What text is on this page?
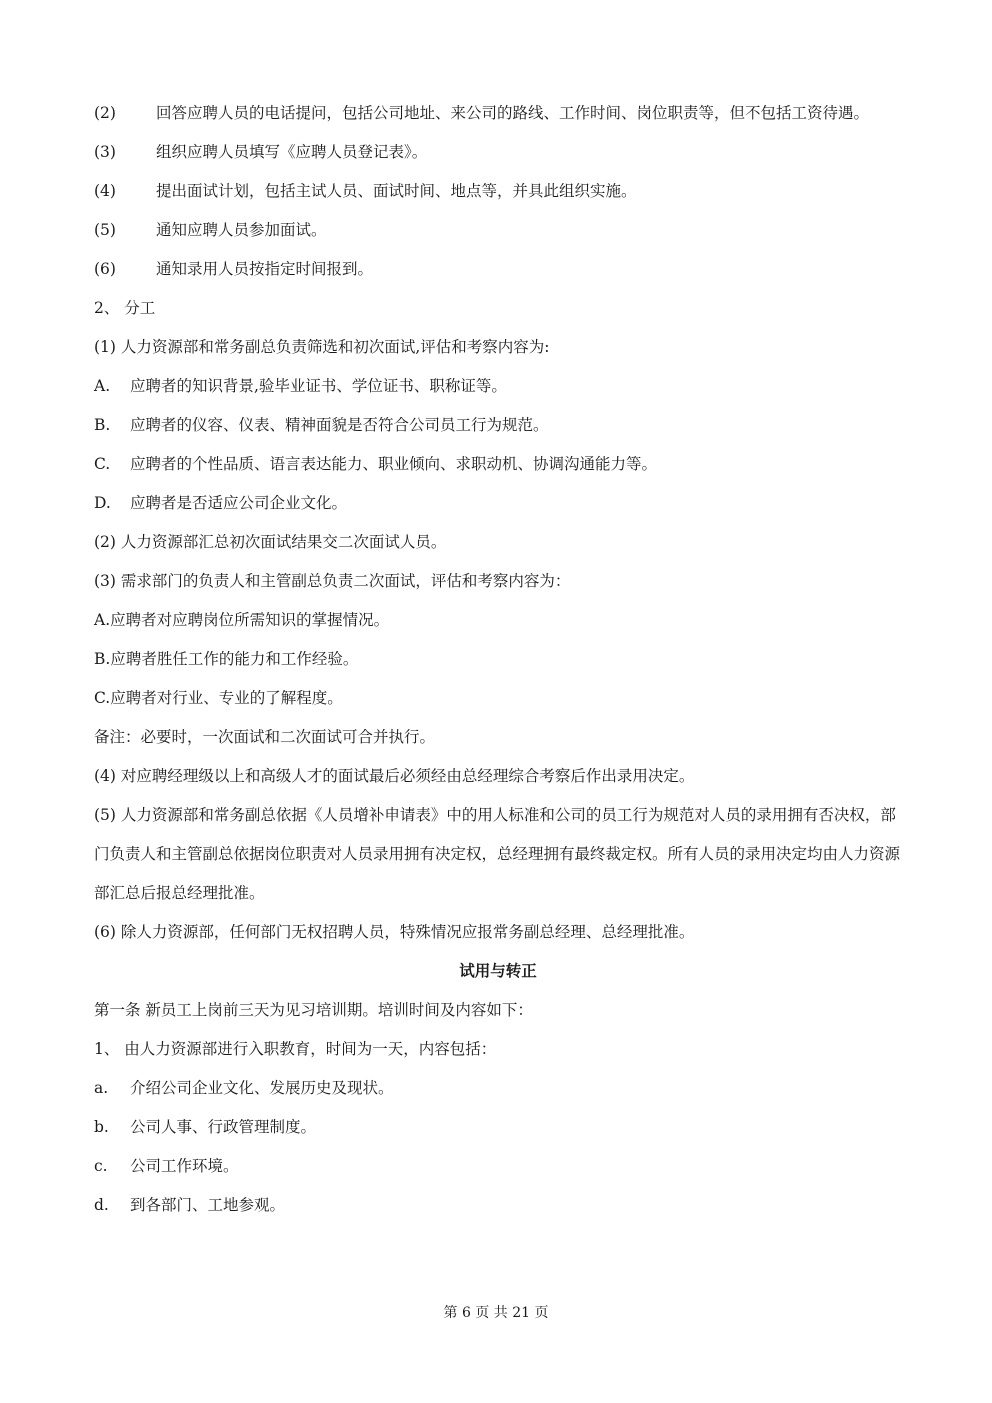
(2)	回答应聘人员的电话提问，包括公司地址、来公司的路线、工作时间、岗位职责等，但不包括工资待遇。

(3)	组织应聘人员填写《应聘人员登记表》。

(4)	提出面试计划，包括主试人员、面试时间、地点等，并具此组织实施。

(5)	通知应聘人员参加面试。

(6)	通知录用人员按指定时间报到。

2、 分工

(1) 人力资源部和常务副总负责筛选和初次面试,评估和考察内容为:

A. 应聘者的知识背景,验毕业证书、学位证书、职称证等。

B. 应聘者的仪容、仪表、精神面貌是否符合公司员工行为规范。

C. 应聘者的个性品质、语言表达能力、职业倾向、求职动机、协调沟通能力等。

D. 应聘者是否适应公司企业文化。

(2) 人力资源部汇总初次面试结果交二次面试人员。

(3) 需求部门的负责人和主管副总负责二次面试，评估和考察内容为：

A.应聘者对应聘岗位所需知识的掌握情况。

B.应聘者胜任工作的能力和工作经验。

C.应聘者对行业、专业的了解程度。

备注：必要时，一次面试和二次面试可合并执行。

(4) 对应聘经理级以上和高级人才的面试最后必须经由总经理综合考察后作出录用决定。

(5) 人力资源部和常务副总依据《人员增补申请表》中的用人标准和公司的员工行为规范对人员的录用拥有否决权，部门负责人和主管副总依据岗位职责对人员录用拥有决定权，总经理拥有最终裁定权。所有人员的录用决定均由人力资源部汇总后报总经理批准。

(6) 除人力资源部，任何部门无权招聘人员，特殊情况应报常务副总经理、总经理批准。

试用与转正

第一条 新员工上岗前三天为见习培训期。培训时间及内容如下：

1、 由人力资源部进行入职教育，时间为一天，内容包括：

a. 介绍公司企业文化、发展历史及现状。

b. 公司人事、行政管理制度。

c. 公司工作环境。

d. 到各部门、工地参观。

第 6 页 共 21 页
